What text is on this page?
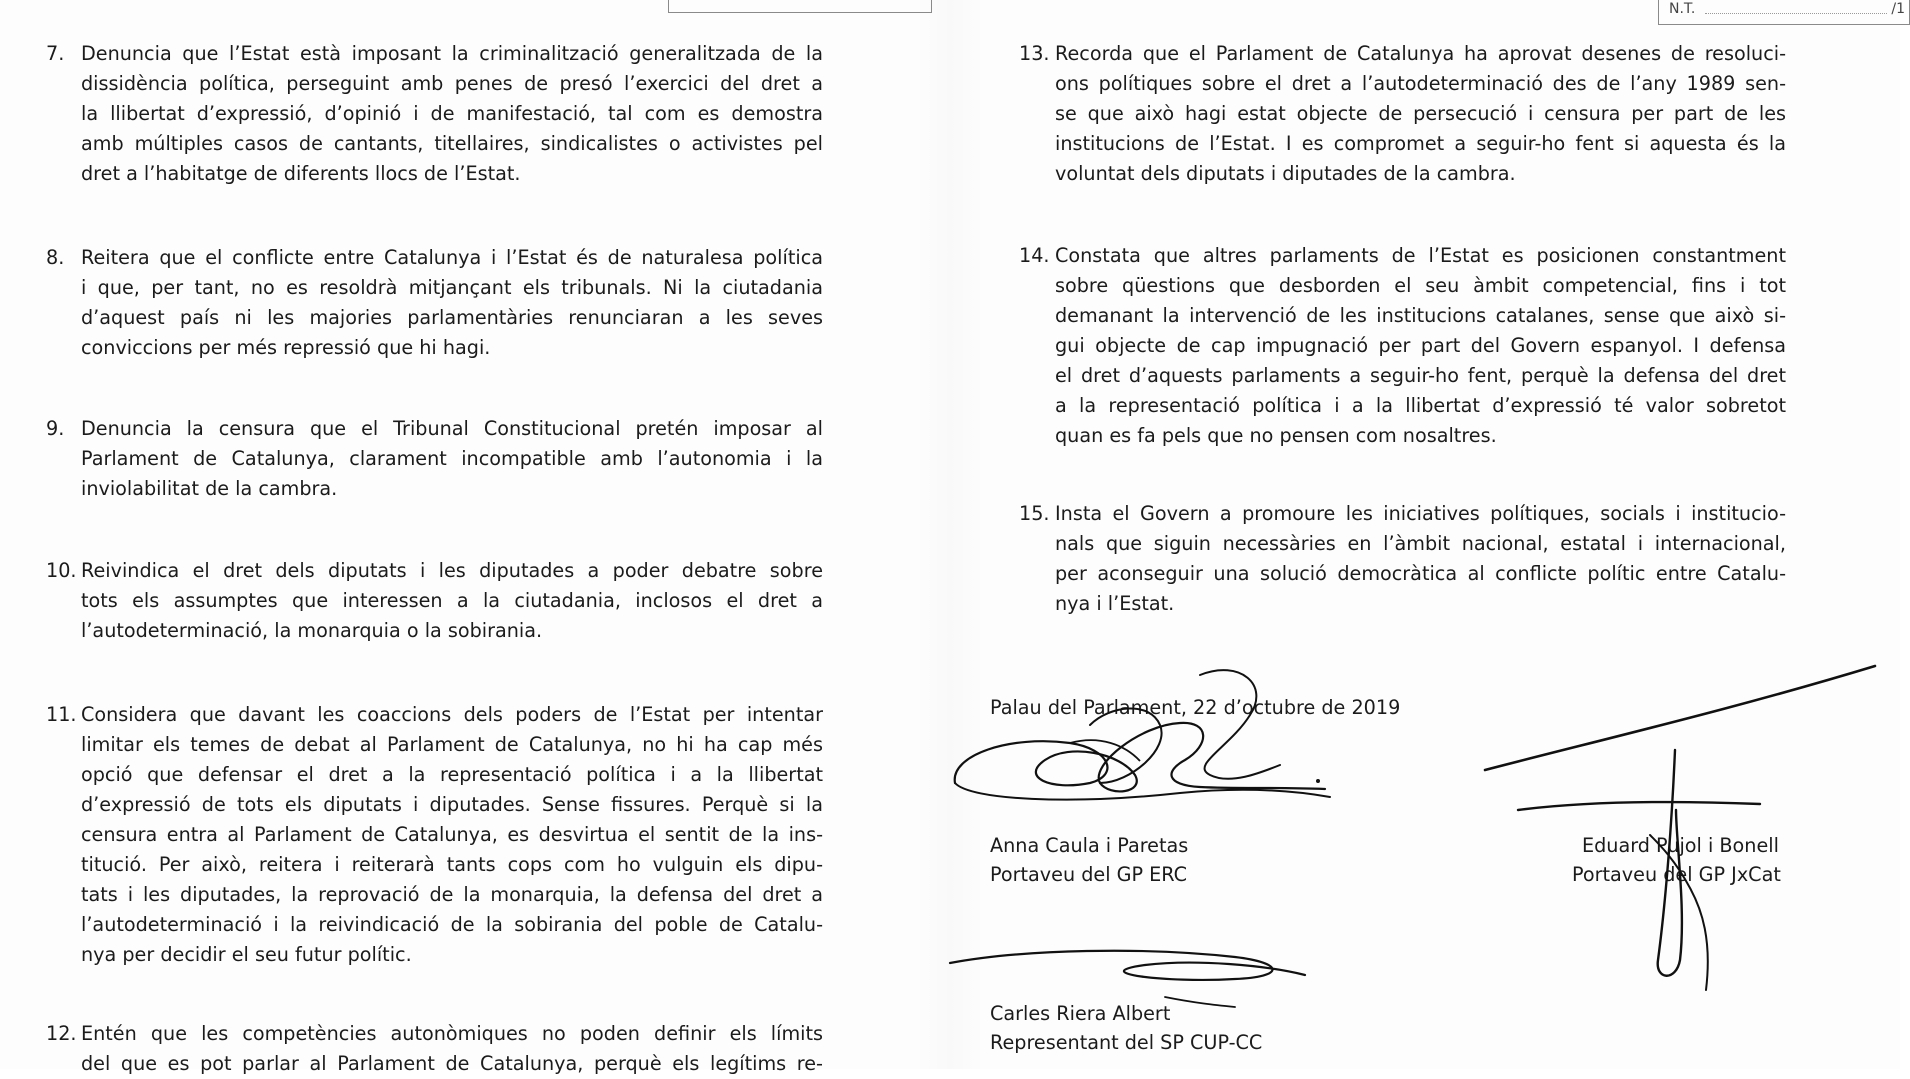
N.T.	/1
7. Denuncia que l’Estat està imposant la criminalització generalitzada de la
dissidència política, perseguint amb penes de presó l’exercici del dret a
la llibertat d’expressió, d’opinió i de manifestació, tal com es demostra
amb múltiples casos de cantants, titellaires, sindicalistes o activistes pel
dret a l’habitatge de diferents llocs de l’Estat.
8. Reitera que el conflicte entre Catalunya i l’Estat és de naturalesa política
i que, per tant, no es resoldrà mitjançant els tribunals. Ni la ciutadania
d’aquest país ni les majories parlamentàries renunciaran a les seves
conviccions per més repressió que hi hagi.
9. Denuncia la censura que el Tribunal Constitucional pretén imposar al
Parlament de Catalunya, clarament incompatible amb l’autonomia i la
inviolabilitat de la cambra.
10. Reivindica el dret dels diputats i les diputades a poder debatre sobre
tots els assumptes que interessen a la ciutadania, inclosos el dret a
l’autodeterminació, la monarquia o la sobirania.
11. Considera que davant les coaccions dels poders de l’Estat per intentar
limitar els temes de debat al Parlament de Catalunya, no hi ha cap més
opció que defensar el dret a la representació política i a la llibertat
d’expressió de tots els diputats i diputades. Sense fissures. Perquè si la
censura entra al Parlament de Catalunya, es desvirtua el sentit de la ins-
titució. Per això, reitera i reiterarà tants cops com ho vulguin els dipu-
tats i les diputades, la reprovació de la monarquia, la defensa del dret a
l’autodeterminació i la reivindicació de la sobirania del poble de Catalu-
nya per decidir el seu futur polític.
12. Entén que les competències autonòmiques no poden definir els límits
del que es pot parlar al Parlament de Catalunya, perquè els legítims re-
13. Recorda que el Parlament de Catalunya ha aprovat desenes de resoluci-
ons polítiques sobre el dret a l’autodeterminació des de l’any 1989 sen-
se que això hagi estat objecte de persecució i censura per part de les
institucions de l’Estat. I es compromet a seguir-ho fent si aquesta és la
voluntat dels diputats i diputades de la cambra.
14. Constata que altres parlaments de l’Estat es posicionen constantment
sobre qüestions que desborden el seu àmbit competencial, fins i tot
demanant la intervenció de les institucions catalanes, sense que això si-
gui objecte de cap impugnació per part del Govern espanyol. I defensa
el dret d’aquests parlaments a seguir-ho fent, perquè la defensa del dret
a la representació política i a la llibertat d’expressió té valor sobretot
quan es fa pels que no pensen com nosaltres.
15. Insta el Govern a promoure les iniciatives polítiques, socials i institucio-
nals que siguin necessàries en l’àmbit nacional, estatal i internacional,
per aconseguir una solució democràtica al conflicte polític entre Catalu-
nya i l’Estat.
Palau del Parlament, 22 d’octubre de 2019
Anna Caula i Paretas
Portaveu del GP ERC
Eduard Pujol i Bonell
Portaveu del GP JxCat
Carles Riera Albert
Representant del SP CUP-CC
